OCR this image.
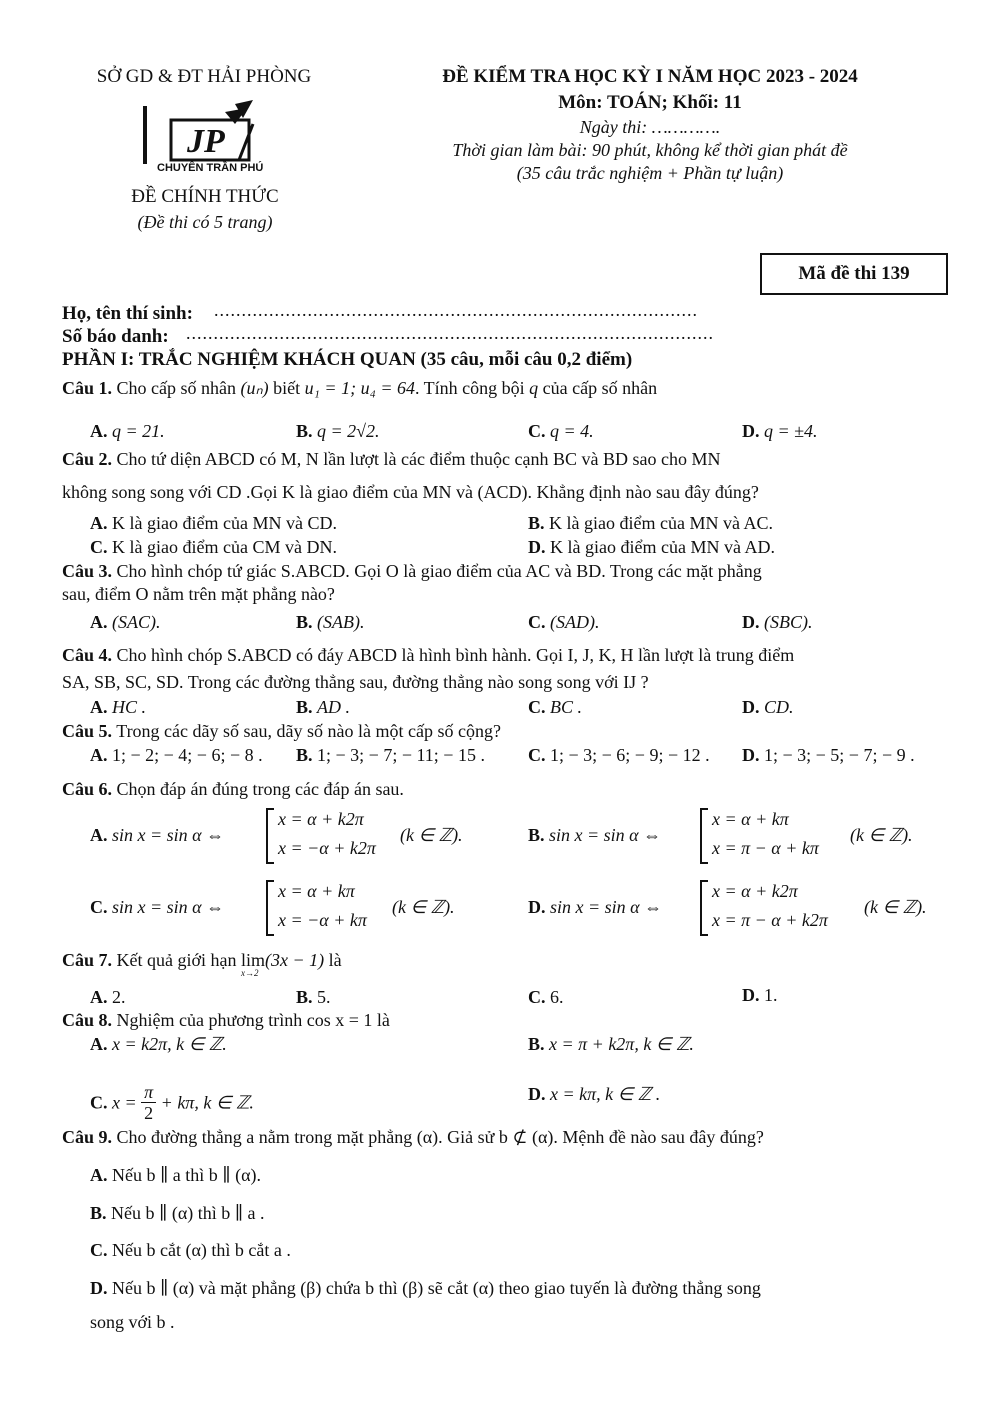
SỞ GD & ĐT HẢI PHÒNG
JP
CHUYÊN TRẦN PHÚ
ĐỀ CHÍNH THỨC
(Đề thi có 5 trang)
ĐỀ KIỂM TRA HỌC KỲ I NĂM HỌC 2023 - 2024
Môn: TOÁN; Khối: 11
Ngày thi: ………….
Thời gian làm bài: 90 phút, không kể thời gian phát đề
(35 câu trắc nghiệm + Phần tự luận)
Mã đề thi 139
Họ, tên thí sinh: ........................................................................................
Số báo danh: ................................................................................................
PHẦN I: TRẮC NGHIỆM KHÁCH QUAN (35 câu, mỗi câu 0,2 điểm)
Câu 1. Cho cấp số nhân (uₙ) biết u₁ = 1; u₄ = 64. Tính công bội q của cấp số nhân
A. q = 21.	B. q = 2√2.	C. q = 4.	D. q = ±4.
Câu 2. Cho tứ diện ABCD có M, N lần lượt là các điểm thuộc cạnh BC và BD sao cho MN
không song song với CD .Gọi K là giao điểm của MN và (ACD). Khẳng định nào sau đây đúng?
A. K là giao điểm của MN và CD.	B. K là giao điểm của MN và AC.
C. K là giao điểm của CM và DN.	D. K là giao điểm của MN và AD.
Câu 3. Cho hình chóp tứ giác S.ABCD. Gọi O là giao điểm của AC và BD. Trong các mặt phẳng
sau, điểm O nằm trên mặt phẳng nào?
A. (SAC).	B. (SAB).	C. (SAD).	D. (SBC).
Câu 4. Cho hình chóp S.ABCD có đáy ABCD là hình bình hành. Gọi I, J, K, H lần lượt là trung điểm
SA, SB, SC, SD. Trong các đường thẳng sau, đường thẳng nào song song với IJ ?
A. HC .	B. AD .	C. BC .	D. CD.
Câu 5. Trong các dãy số sau, dãy số nào là một cấp số cộng?
A. 1; − 2; − 4; − 6; − 8 . B. 1; − 3; − 7; − 11; − 15 . C. 1; − 3; − 6; − 9; − 12 . D. 1; − 3; − 5; − 7; − 9 .
Câu 6. Chọn đáp án đúng trong các đáp án sau.
A. sin x = sin α ⇔
x = α + k2π
x = −α + k2π
(k ∈ ℤ).	B. sin x = sin α ⇔
x = α + kπ
x = π − α + kπ
(k ∈ ℤ).
C. sin x = sin α ⇔
x = α + kπ
x = −α + kπ
(k ∈ ℤ).	D. sin x = sin α ⇔
x = α + k2π
x = π − α + k2π
(k ∈ ℤ).
Câu 7. Kết quả giới hạn lim
x→2
(3x − 1) là
A. 2.	B. 5.	C. 6.	D. 1.
Câu 8. Nghiệm của phương trình cos x = 1 là
A. x = k2π, k ∈ ℤ.	B. x = π + k2π, k ∈ ℤ.
C. $x = \frac{\pi}{2} + k\pi$, k ∈ ℤ.	D. x = kπ, k ∈ ℤ .
Câu 9. Cho đường thẳng a nằm trong mặt phẳng (α). Giả sử b ⊄ (α). Mệnh đề nào sau đây đúng?
A. Nếu b ∥ a thì b ∥ (α).
B. Nếu b ∥ (α) thì b ∥ a .
C. Nếu b cắt (α) thì b cắt a .
D. Nếu b ∥ (α) và mặt phẳng (β) chứa b thì (β) sẽ cắt (α) theo giao tuyến là đường thẳng song
song với b .
